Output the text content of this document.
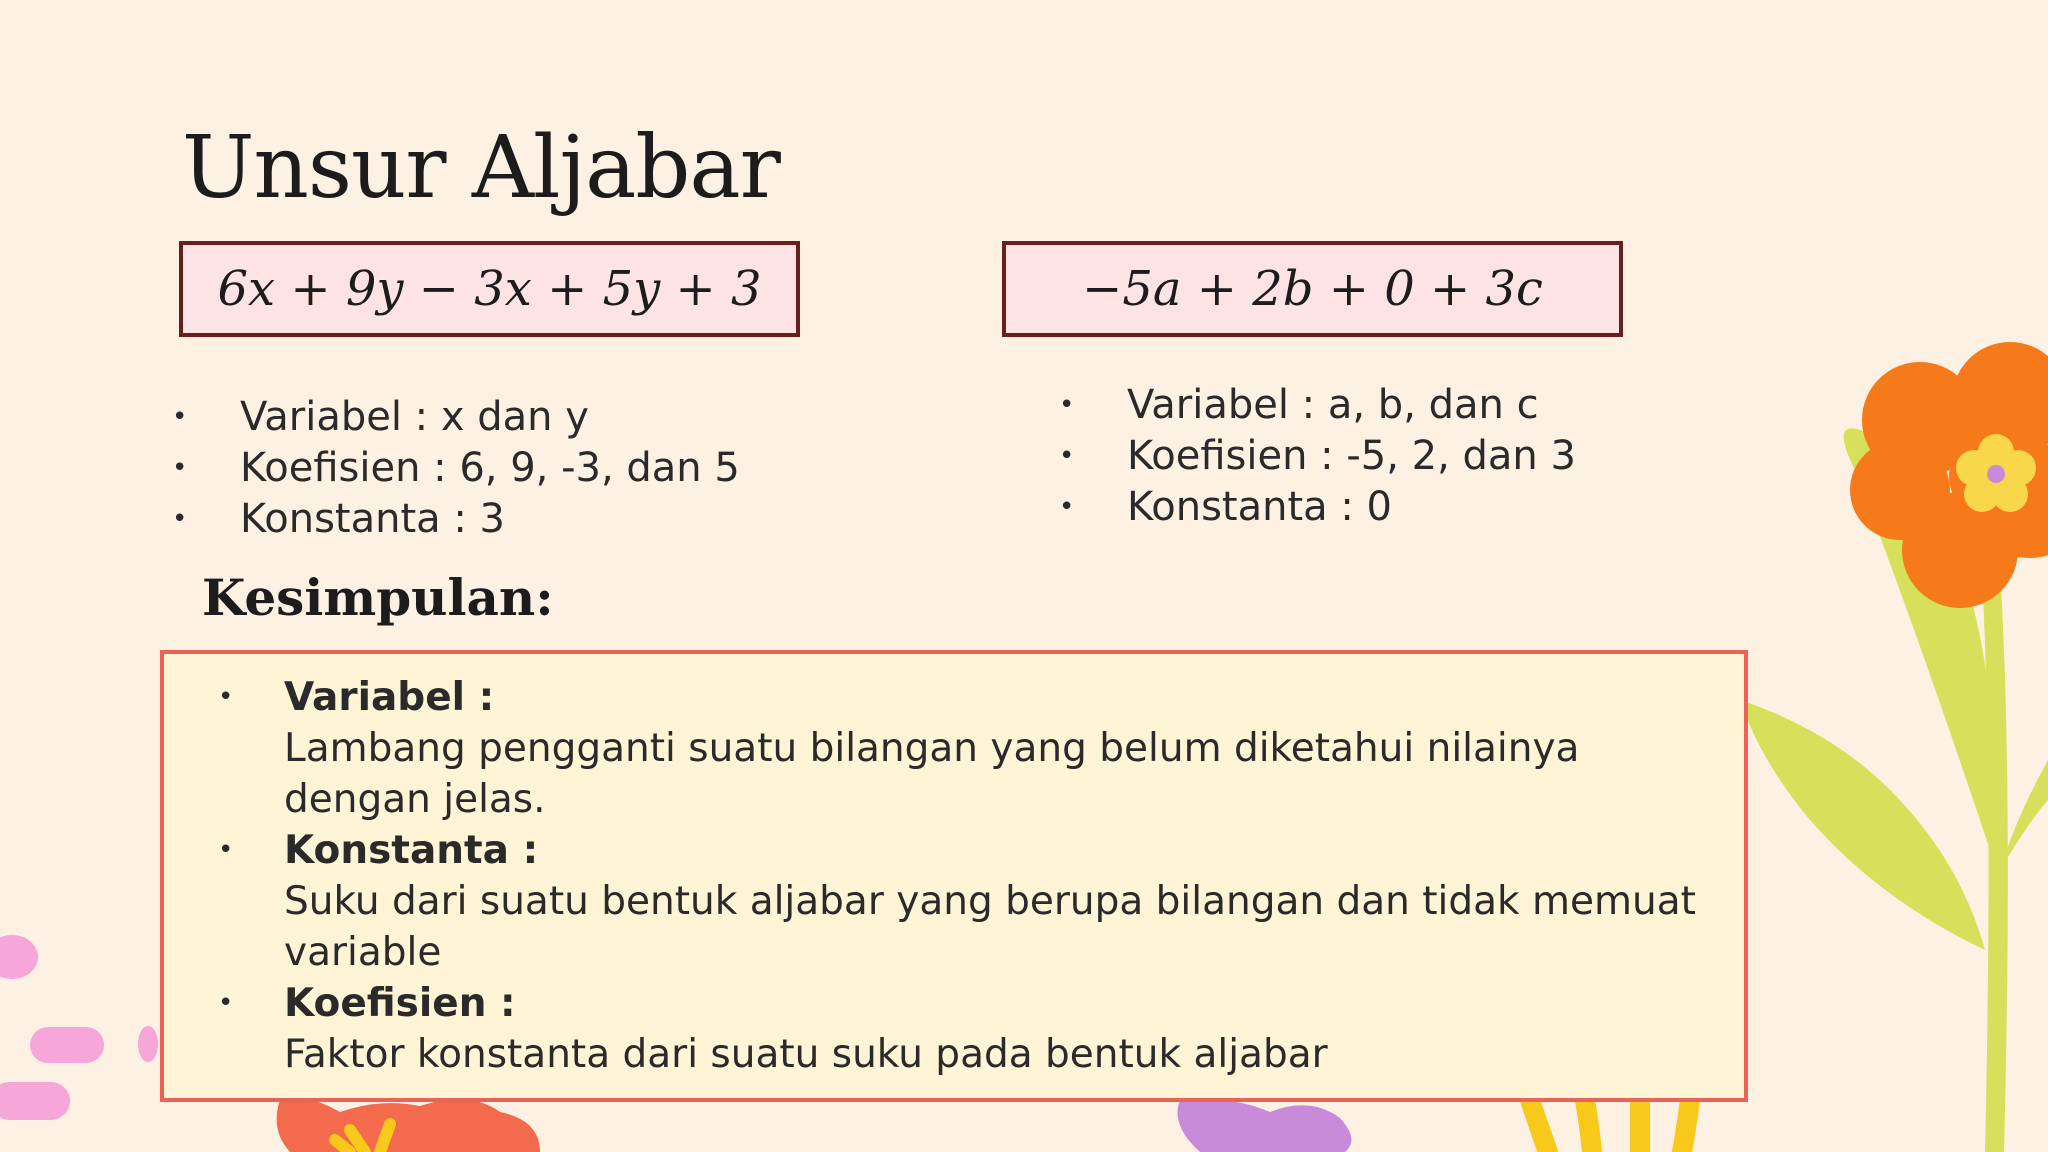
Unsur Aljabar
6x + 9y − 3x + 5y + 3	−5a + 2b + 0 + 3c
• Variabel : x dan y
• Koefisien : 6, 9, -3, dan 5
• Konstanta : 3
• Variabel : a, b, dan c
• Koefisien : -5, 2, dan 3
• Konstanta : 0
Kesimpulan:
• Variabel :
Lambang pengganti suatu bilangan yang belum diketahui nilainya dengan jelas.
• Konstanta :
Suku dari suatu bentuk aljabar yang berupa bilangan dan tidak memuat variable
• Koefisien :
Faktor konstanta dari suatu suku pada bentuk aljabar
